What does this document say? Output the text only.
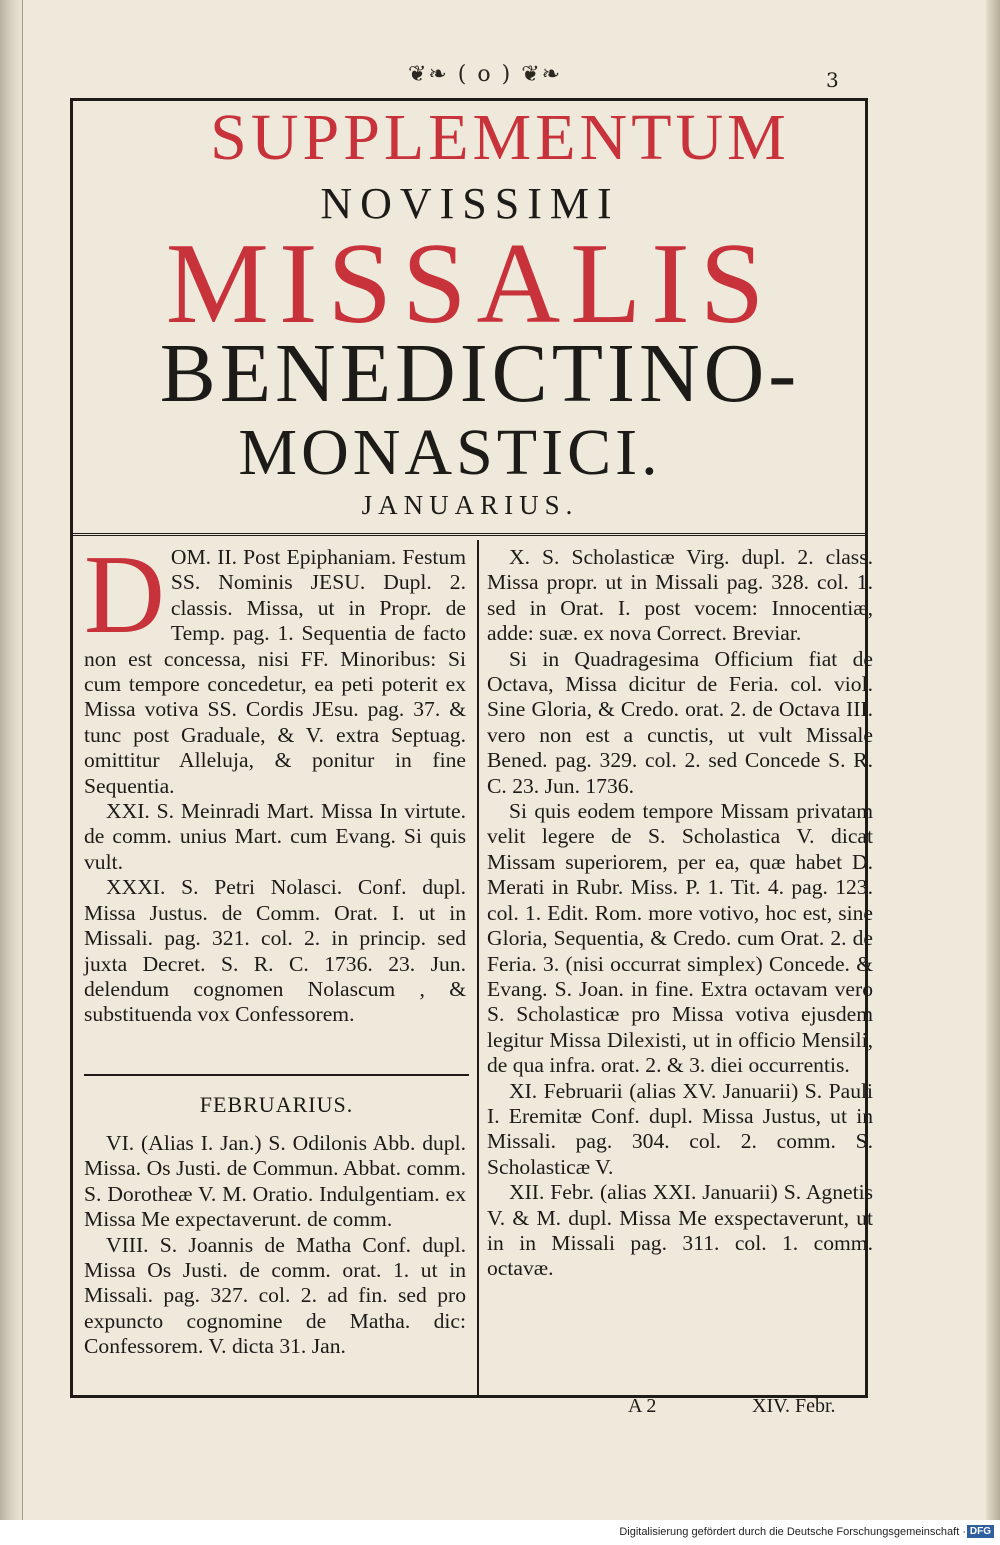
❦❧ ( o ) ❦❧	3
SUPPLEMENTUM
NOVISSIMI
MISSALIS
BENEDICTINO-
MONASTICI.
JANUARIUS.
D OM. II. Post Epiphaniam. Festum SS. Nominis JESU. Dupl. 2. classis. Missa, ut in Propr. de Temp. pag. 1. Sequentia de facto non est concessa, nisi FF. Minoribus: Si cum tempore concedetur, ea peti poterit ex Missa votiva SS. Cordis JEsu. pag. 37. & tunc post Graduale, & V. extra Septuag. omittitur Alleluja, & ponitur in fine Sequentia.

XXI. S. Meinradi Mart. Missa In virtute. de comm. unius Mart. cum Evang. Si quis vult.

XXXI. S. Petri Nolasci. Conf. dupl. Missa Justus. de Comm. Orat. I. ut in Missali. pag. 321. col. 2. in princip. sed juxta Decret. S. R. C. 1736. 23. Jun. delendum cognomen Nolascum , & substituenda vox Confessorem.

FEBRUARIUS.

VI. (Alias I. Jan.) S. Odilonis Abb. dupl. Missa. Os Justi. de Commun. Abbat. comm. S. Dorotheæ V. M. Oratio. Indulgentiam. ex Missa Me expectaverunt. de comm.

VIII. S. Joannis de Matha Conf. dupl. Missa Os Justi. de comm. orat. 1. ut in Missali. pag. 327. col. 2. ad fin. sed pro expuncto cognomine de Matha. dic: Confessorem. V. dicta 31. Jan.

X. S. Scholasticæ Virg. dupl. 2. class. Missa propr. ut in Missali pag. 328. col. 1. sed in Orat. I. post vocem: Innocentiæ, adde: suæ. ex nova Correct. Breviar.

Si in Quadragesima Officium fiat de Octava, Missa dicitur de Feria. col. viol. Sine Gloria, & Credo. orat. 2. de Octava III. vero non est a cunctis, ut vult Missale Bened. pag. 329. col. 2. sed Concede S. R. C. 23. Jun. 1736.

Si quis eodem tempore Missam privatam velit legere de S. Scholastica V. dicat Missam superiorem, per ea, quæ habet D. Merati in Rubr. Miss. P. 1. Tit. 4. pag. 123. col. 1. Edit. Rom. more votivo, hoc est, sine Gloria, Sequentia, & Credo. cum Orat. 2. de Feria. 3. (nisi occurrat simplex) Concede. & Evang. S. Joan. in fine. Extra octavam vero S. Scholasticæ pro Missa votiva ejusdem legitur Missa Dilexisti, ut in officio Mensili, de qua infra. orat. 2. & 3. diei occurrentis.

XI. Februarii (alias XV. Januarii) S. Pauli I. Eremitæ Conf. dupl. Missa Justus, ut in Missali. pag. 304. col. 2. comm. S. Scholasticæ V.

XII. Febr. (alias XXI. Januarii) S. Agnetis V. & M. dupl. Missa Me exspectaverunt, ut in in Missali pag. 311. col. 1. comm. octavæ.

A 2	XIV. Febr.
Digitalisierung gefördert durch die Deutsche Forschungsgemeinschaft · DFG
